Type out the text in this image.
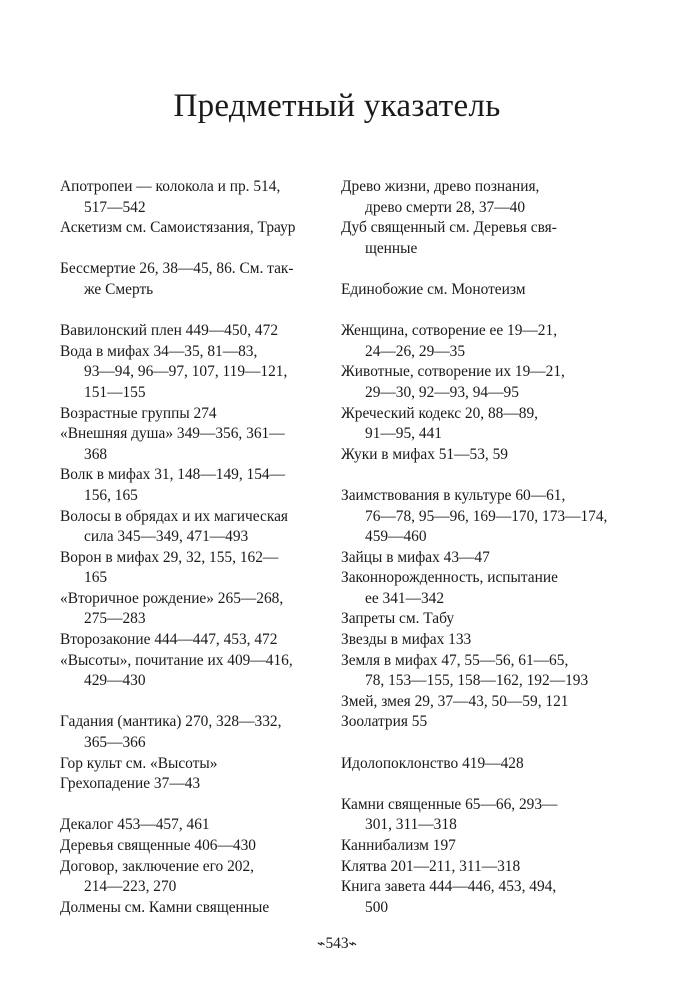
Предметный указатель
Апотропеи — колокола и пр. 514,
517—542
Аскетизм см. Самоистязания, Траур
Бессмертие 26, 38—45, 86. См. так-
же Смерть
Вавилонский плен 449—450, 472
Вода в мифах 34—35, 81—83,
93—94, 96—97, 107, 119—121,
151—155
Возрастные группы 274
«Внешняя душа» 349—356, 361—
368
Волк в мифах 31, 148—149, 154—
156, 165
Волосы в обрядах и их магическая
сила 345—349, 471—493
Ворон в мифах 29, 32, 155, 162—
165
«Вторичное рождение» 265—268,
275—283
Второзаконие 444—447, 453, 472
«Высоты», почитание их 409—416,
429—430
Гадания (мантика) 270, 328—332,
365—366
Гор культ см. «Высоты»
Грехопадение 37—43
Декалог 453—457, 461
Деревья священные 406—430
Договор, заключение его 202,
214—223, 270
Долмены см. Камни священные
Древо жизни, древо познания,
древо смерти 28, 37—40
Дуб священный см. Деревья свя-
щенные
Единобожие см. Монотеизм
Женщина, сотворение ее 19—21,
24—26, 29—35
Животные, сотворение их 19—21,
29—30, 92—93, 94—95
Жреческий кодекс 20, 88—89,
91—95, 441
Жуки в мифах 51—53, 59
Заимствования в культуре 60—61,
76—78, 95—96, 169—170, 173—174,
459—460
Зайцы в мифах 43—47
Законнорожденность, испытание
ее 341—342
Запреты см. Табу
Звезды в мифах 133
Земля в мифах 47, 55—56, 61—65,
78, 153—155, 158—162, 192—193
Змей, змея 29, 37—43, 50—59, 121
Зоолатрия 55
Идолопоклонство 419—428
Камни священные 65—66, 293—
301, 311—318
Каннибализм 197
Клятва 201—211, 311—318
Книга завета 444—446, 453, 494,
500
⌁543⌁
